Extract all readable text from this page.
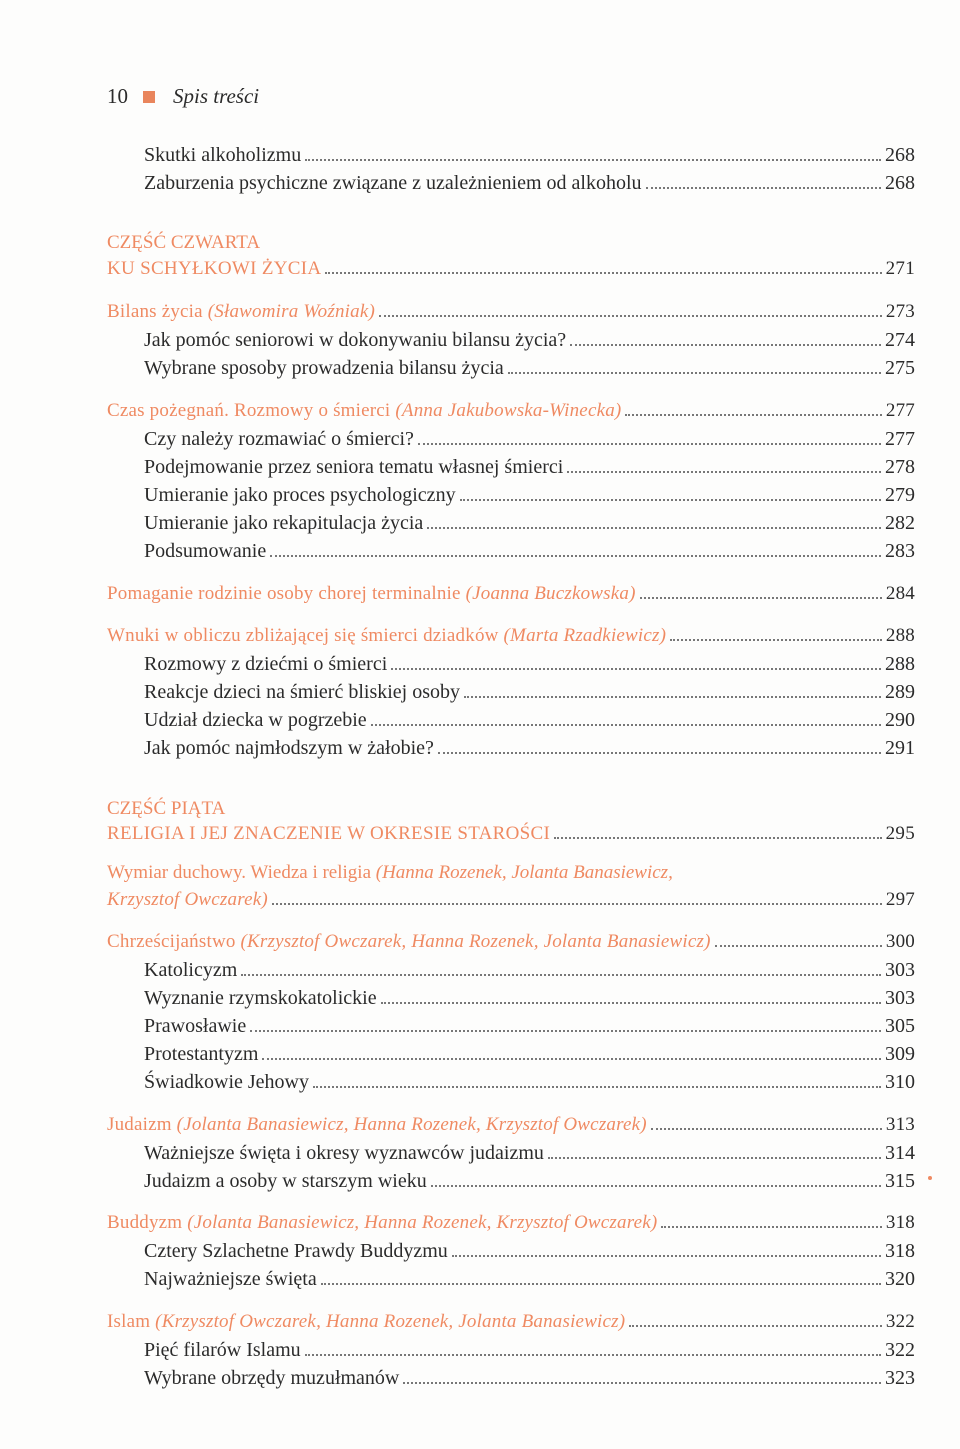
10 Spis treści
Skutki alkoholizmu	268
Zaburzenia psychiczne związane z uzależnieniem od alkoholu	268
CZĘŚĆ CZWARTA
KU SCHYŁKOWI ŻYCIA	271
Bilans życia (Sławomira Woźniak)	273
Jak pomóc seniorowi w dokonywaniu bilansu życia?	274
Wybrane sposoby prowadzenia bilansu życia	275
Czas pożegnań. Rozmowy o śmierci (Anna Jakubowska-Winecka)	277
Czy należy rozmawiać o śmierci?	277
Podejmowanie przez seniora tematu własnej śmierci	278
Umieranie jako proces psychologiczny	279
Umieranie jako rekapitulacja życia	282
Podsumowanie	283
Pomaganie rodzinie osoby chorej terminalnie (Joanna Buczkowska)	284
Wnuki w obliczu zbliżającej się śmierci dziadków (Marta Rzadkiewicz)	288
Rozmowy z dziećmi o śmierci	288
Reakcje dzieci na śmierć bliskiej osoby	289
Udział dziecka w pogrzebie	290
Jak pomóc najmłodszym w żałobie?	291
CZĘŚĆ PIĄTA
RELIGIA I JEJ ZNACZENIE W OKRESIE STAROŚCI	295
Wymiar duchowy. Wiedza i religia (Hanna Rozenek, Jolanta Banasiewicz,
Krzysztof Owczarek)	297
Chrześcijaństwo (Krzysztof Owczarek, Hanna Rozenek, Jolanta Banasiewicz)	300
Katolicyzm	303
Wyznanie rzymskokatolickie	303
Prawosławie	305
Protestantyzm	309
Świadkowie Jehowy	310
Judaizm (Jolanta Banasiewicz, Hanna Rozenek, Krzysztof Owczarek)	313
Ważniejsze święta i okresy wyznawców judaizmu	314
Judaizm a osoby w starszym wieku	315
Buddyzm (Jolanta Banasiewicz, Hanna Rozenek, Krzysztof Owczarek)	318
Cztery Szlachetne Prawdy Buddyzmu	318
Najważniejsze święta	320
Islam (Krzysztof Owczarek, Hanna Rozenek, Jolanta Banasiewicz)	322
Pięć filarów Islamu	322
Wybrane obrzędy muzułmanów	323
